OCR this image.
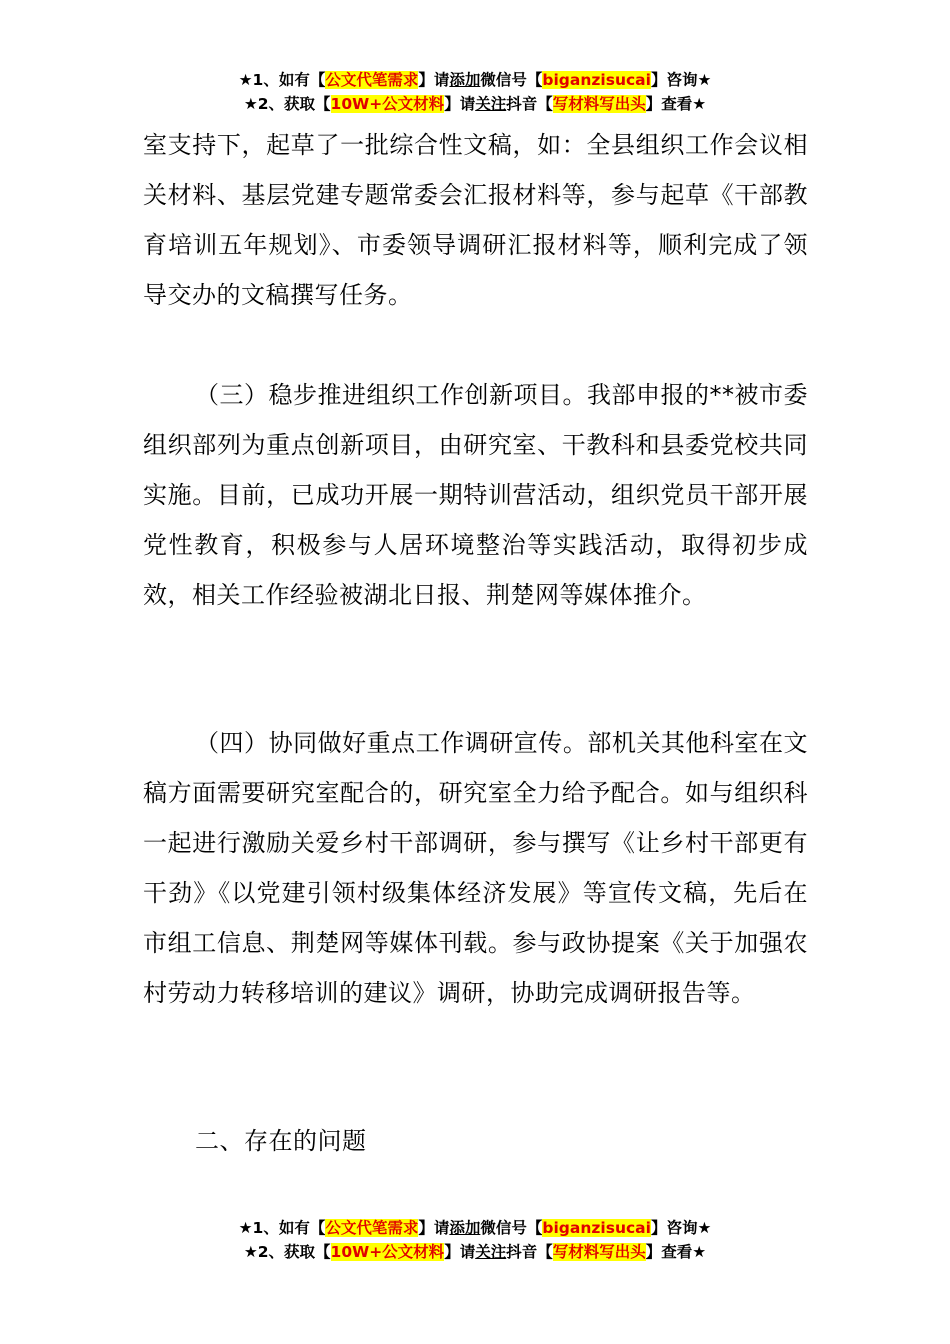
★1、如有【公文代笔需求】请添加微信号【biganzisucai】咨询★
★2、获取【10W+公文材料】请关注抖音【写材料写出头】查看★

室支持下，起草了一批综合性文稿，如：全县组织工作会议相关材料、基层党建专题常委会汇报材料等，参与起草《干部教育培训五年规划》、市委领导调研汇报材料等，顺利完成了领导交办的文稿撰写任务。

（三）稳步推进组织工作创新项目。我部申报的**被市委组织部列为重点创新项目，由研究室、干教科和县委党校共同实施。目前，已成功开展一期特训营活动，组织党员干部开展党性教育，积极参与人居环境整治等实践活动，取得初步成效，相关工作经验被湖北日报、荆楚网等媒体推介。

（四）协同做好重点工作调研宣传。部机关其他科室在文稿方面需要研究室配合的，研究室全力给予配合。如与组织科一起进行激励关爱乡村干部调研，参与撰写《让乡村干部更有干劲》《以党建引领村级集体经济发展》等宣传文稿，先后在市组工信息、荆楚网等媒体刊载。参与政协提案《关于加强农村劳动力转移培训的建议》调研，协助完成调研报告等。

二、存在的问题
★1、如有【公文代笔需求】请添加微信号【biganzisucai】咨询★
★2、获取【10W+公文材料】请关注抖音【写材料写出头】查看★
